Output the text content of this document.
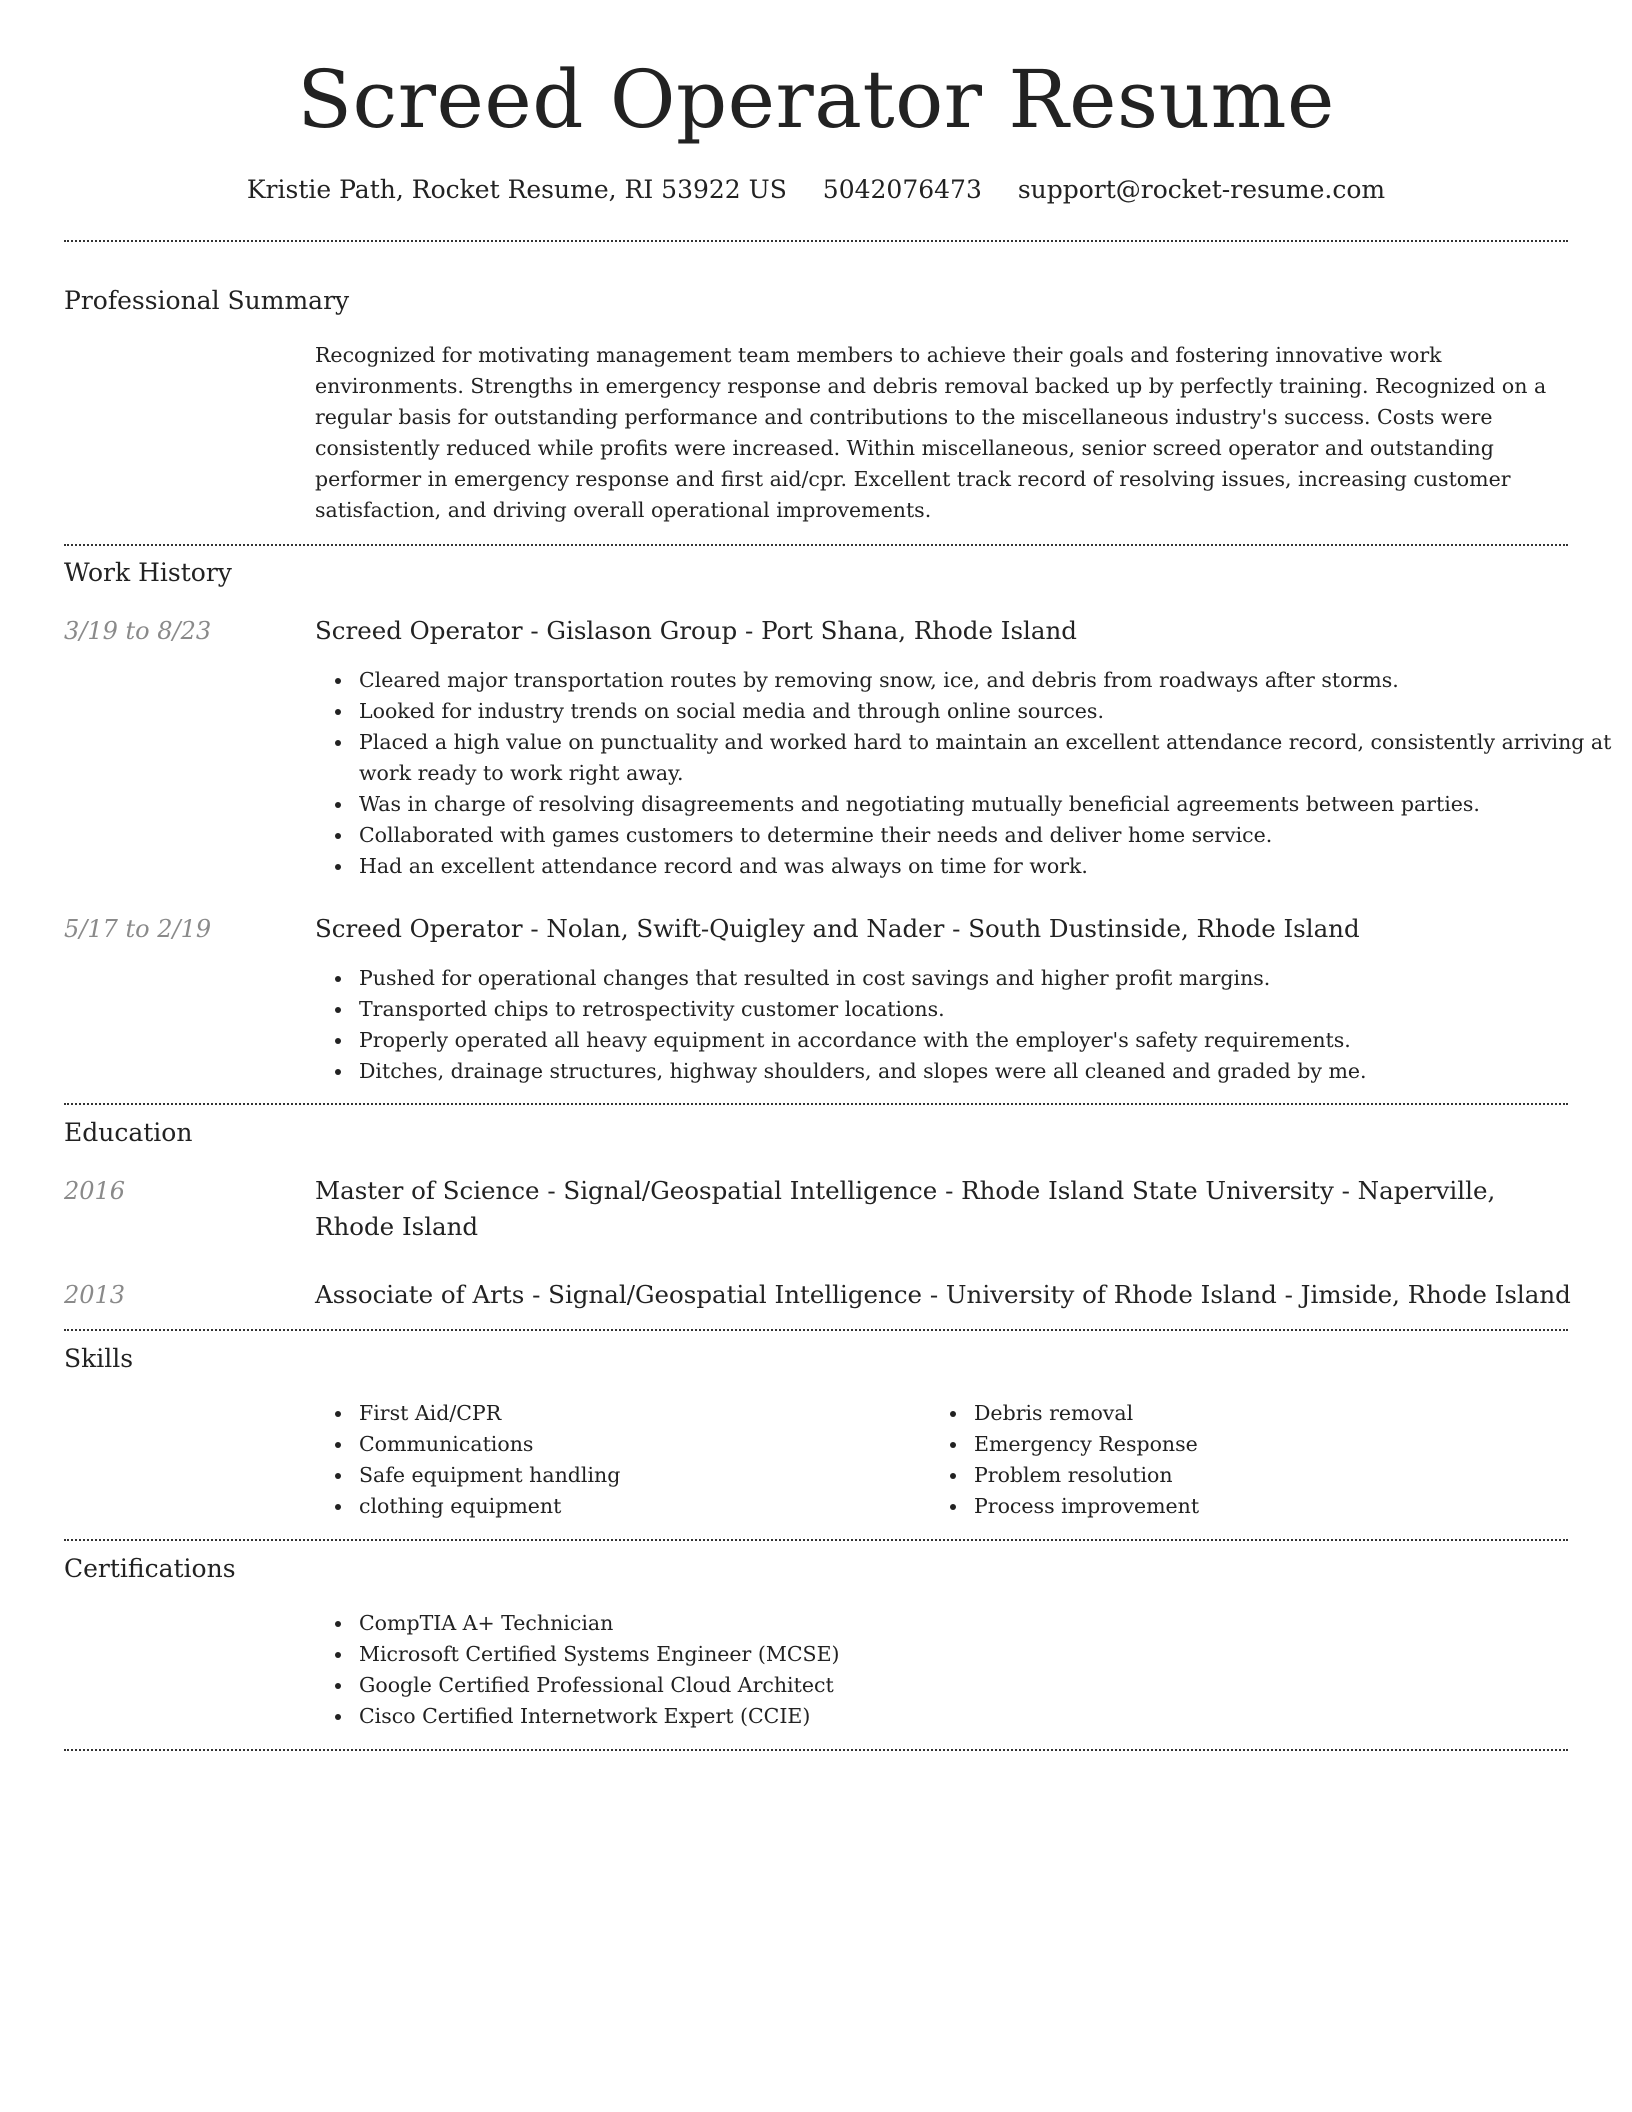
Screed Operator Resume
Kristie Path, Rocket Resume, RI 53922 US 5042076473 support@rocket-resume.com
Professional Summary
Recognized for motivating management team members to achieve their goals and fostering innovative work environments. Strengths in emergency response and debris removal backed up by perfectly training. Recognized on a regular basis for outstanding performance and contributions to the miscellaneous industry's success. Costs were consistently reduced while profits were increased. Within miscellaneous, senior screed operator and outstanding performer in emergency response and first aid/cpr. Excellent track record of resolving issues, increasing customer satisfaction, and driving overall operational improvements.
Work History
3/19 to 8/23	Screed Operator - Gislason Group - Port Shana, Rhode Island
Cleared major transportation routes by removing snow, ice, and debris from roadways after storms.
Looked for industry trends on social media and through online sources.
Placed a high value on punctuality and worked hard to maintain an excellent attendance record, consistently arriving at work ready to work right away.
Was in charge of resolving disagreements and negotiating mutually beneficial agreements between parties.
Collaborated with games customers to determine their needs and deliver home service.
Had an excellent attendance record and was always on time for work.
5/17 to 2/19	Screed Operator - Nolan, Swift-Quigley and Nader - South Dustinside, Rhode Island
Pushed for operational changes that resulted in cost savings and higher profit margins.
Transported chips to retrospectivity customer locations.
Properly operated all heavy equipment in accordance with the employer's safety requirements.
Ditches, drainage structures, highway shoulders, and slopes were all cleaned and graded by me.
Education
2016	Master of Science - Signal/Geospatial Intelligence - Rhode Island State University - Naperville, Rhode Island
2013	Associate of Arts - Signal/Geospatial Intelligence - University of Rhode Island - Jimside, Rhode Island
Skills
First Aid/CPR
Communications
Safe equipment handling
clothing equipment
Debris removal
Emergency Response
Problem resolution
Process improvement
Certifications
CompTIA A+ Technician
Microsoft Certified Systems Engineer (MCSE)
Google Certified Professional Cloud Architect
Cisco Certified Internetwork Expert (CCIE)
